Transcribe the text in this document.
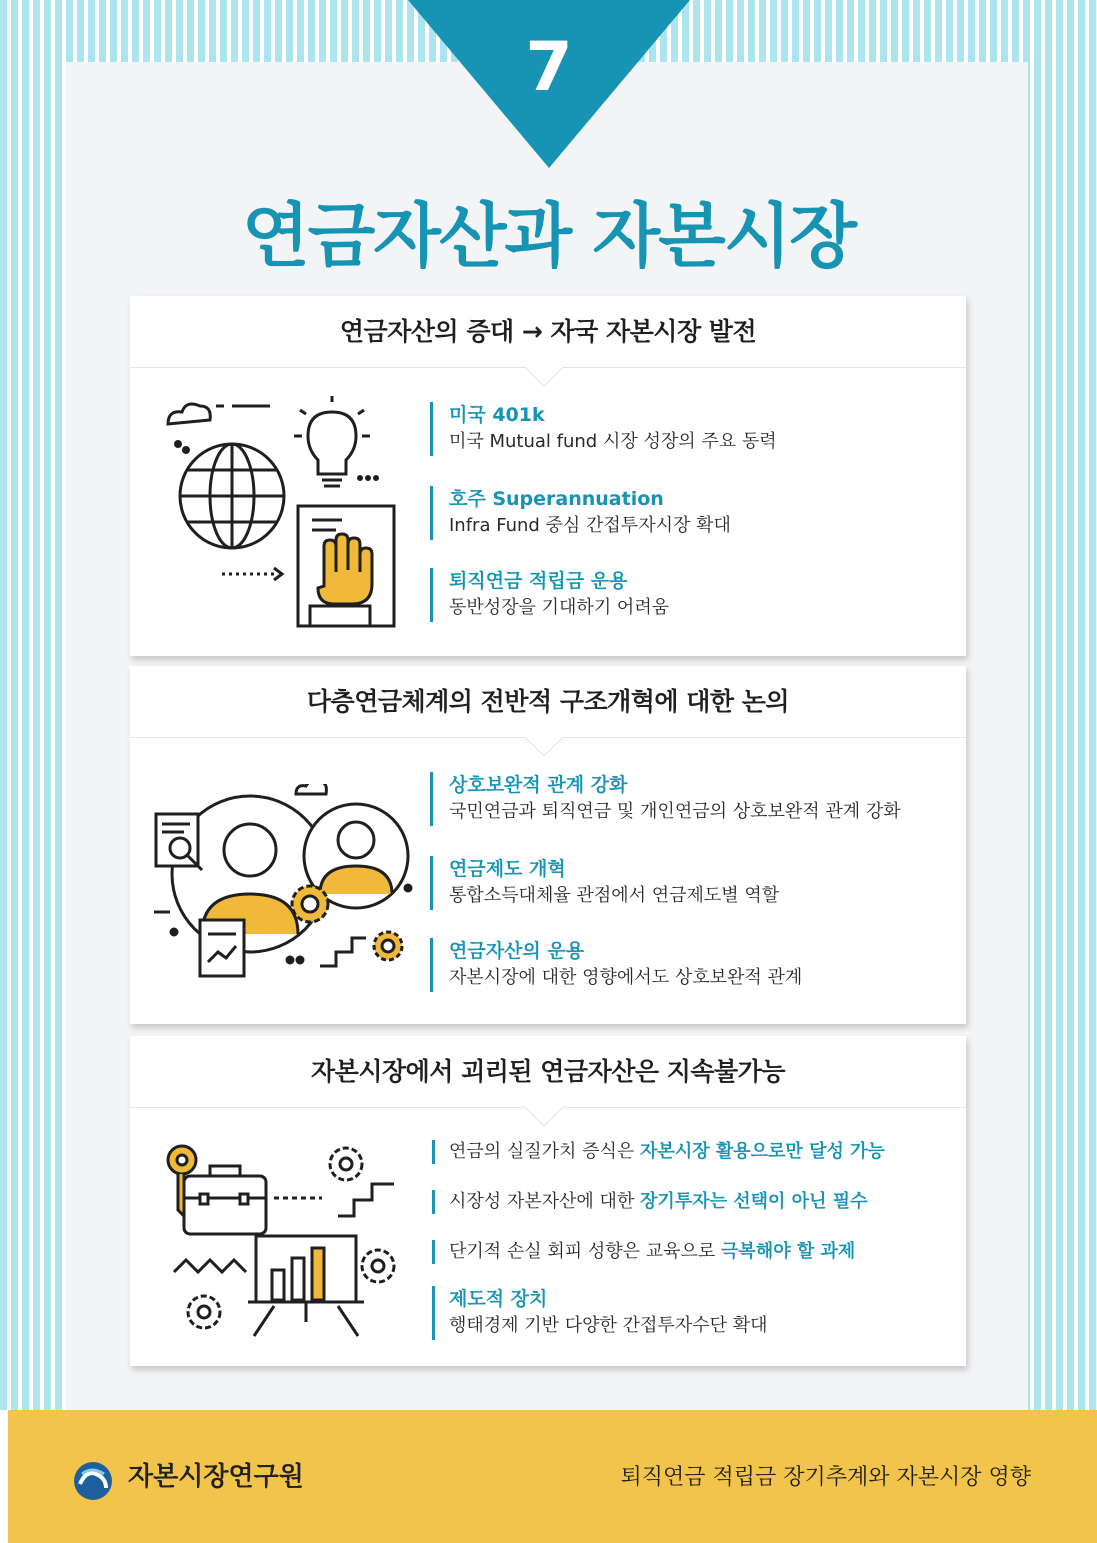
7
연금자산과 자본시장
연금자산의 증대 → 자국 자본시장 발전
미국 401k
미국 Mutual fund 시장 성장의 주요 동력
호주 Superannuation
Infra Fund 중심 간접투자시장 확대
퇴직연금 적립금 운용
동반성장을 기대하기 어려움
다층연금체계의 전반적 구조개혁에 대한 논의
상호보완적 관계 강화
국민연금과 퇴직연금 및 개인연금의 상호보완적 관계 강화
연금제도 개혁
통합소득대체율 관점에서 연금제도별 역할
연금자산의 운용
자본시장에 대한 영향에서도 상호보완적 관계
자본시장에서 괴리된 연금자산은 지속불가능
연금의 실질가치 증식은 자본시장 활용으로만 달성 가능
시장성 자본자산에 대한 장기투자는 선택이 아닌 필수
단기적 손실 회피 성향은 교육으로 극복해야 할 과제
제도적 장치
행태경제 기반 다양한 간접투자수단 확대
자본시장연구원	퇴직연금 적립금 장기추계와 자본시장 영향
